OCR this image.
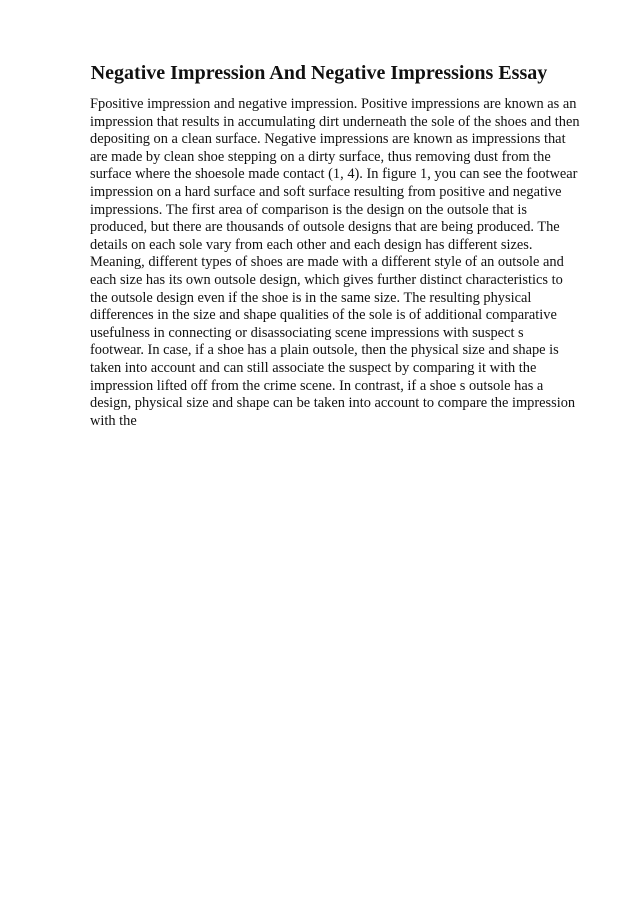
Negative Impression And Negative Impressions Essay
Fpositive impression and negative impression. Positive impressions are known as an
impression that results in accumulating dirt underneath the sole of the shoes and then
depositing on a clean surface. Negative impressions are known as impressions that
are made by clean shoe stepping on a dirty surface, thus removing dust from the
surface where the shoesole made contact (1, 4). In figure 1, you can see the footwear
impression on a hard surface and soft surface resulting from positive and negative
impressions. The first area of comparison is the design on the outsole that is
produced, but there are thousands of outsole designs that are being produced. The
details on each sole vary from each other and each design has different sizes.
Meaning, different types of shoes are made with a different style of an outsole and
each size has its own outsole design, which gives further distinct characteristics to
the outsole design even if the shoe is in the same size. The resulting physical
differences in the size and shape qualities of the sole is of additional comparative
usefulness in connecting or disassociating scene impressions with suspect s
footwear. In case, if a shoe has a plain outsole, then the physical size and shape is
taken into account and can still associate the suspect by comparing it with the
impression lifted off from the crime scene. In contrast, if a shoe s outsole has a
design, physical size and shape can be taken into account to compare the impression
with the
